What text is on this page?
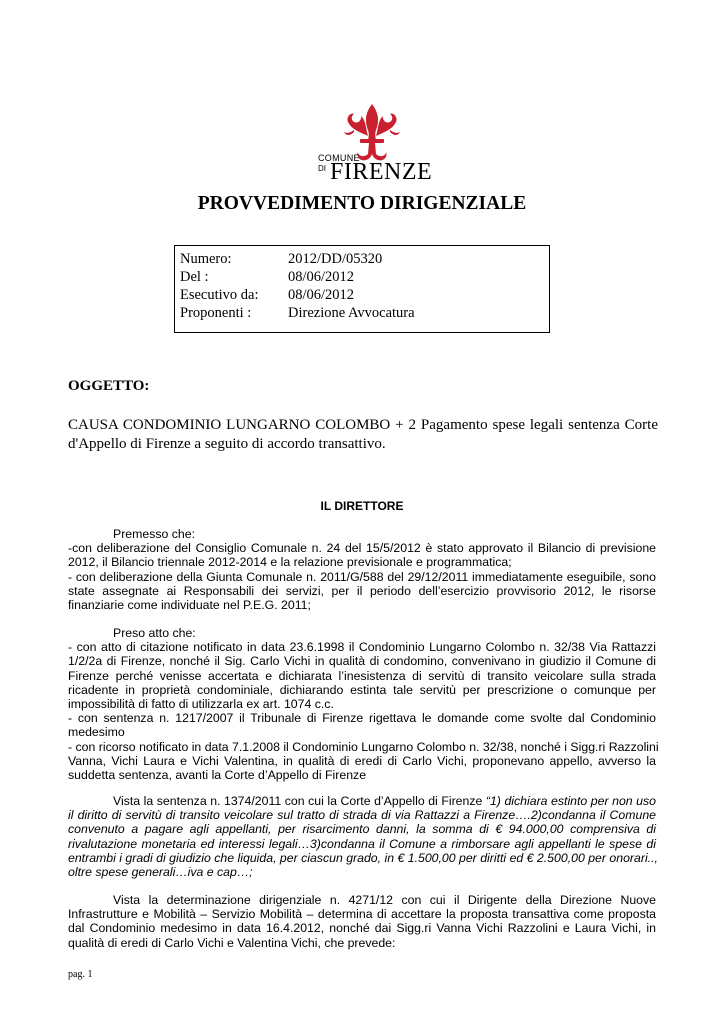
COMUNE
DI FIRENZE
PROVVEDIMENTO DIRIGENZIALE
Numero:	2012/DD/05320
Del :	08/06/2012
Esecutivo da: 08/06/2012
Proponenti :	Direzione Avvocatura
OGGETTO:
CAUSA CONDOMINIO LUNGARNO COLOMBO + 2 Pagamento spese legali sentenza Corte
d'Appello di Firenze a seguito di accordo transattivo.
IL DIRETTORE
Premesso che:
-con deliberazione del Consiglio Comunale n. 24 del 15/5/2012 è stato approvato il Bilancio di previsione
2012, il Bilancio triennale 2012-2014 e la relazione previsionale e programmatica;
- con deliberazione della Giunta Comunale n. 2011/G/588 del 29/12/2011 immediatamente eseguibile, sono
state assegnate ai Responsabili dei servizi, per il periodo dell’esercizio provvisorio 2012, le risorse
finanziarie come individuate nel P.E.G. 2011;
Preso atto che:
- con atto di citazione notificato in data 23.6.1998 il Condominio Lungarno Colombo n. 32/38 Via Rattazzi
1/2/2a di Firenze, nonché il Sig. Carlo Vichi in qualità di condomino, convenivano in giudizio il Comune di
Firenze perché venisse accertata e dichiarata l’inesistenza di servitù di transito veicolare sulla strada
ricadente in proprietà condominiale, dichiarando estinta tale servitù per prescrizione o comunque per
impossibilità di fatto di utilizzarla ex art. 1074 c.c.
- con sentenza n. 1217/2007 il Tribunale di Firenze rigettava le domande come svolte dal Condominio
medesimo
- con ricorso notificato in data 7.1.2008 il Condominio Lungarno Colombo n. 32/38, nonché i Sigg.ri Razzolini
Vanna, Vichi Laura e Vichi Valentina, in qualità di eredi di Carlo Vichi, proponevano appello, avverso la
suddetta sentenza, avanti la Corte d’Appello di Firenze
Vista la sentenza n. 1374/2011 con cui la Corte d’Appello di Firenze “1) dichiara estinto per non uso
il diritto di servitù di transito veicolare sul tratto di strada di via Rattazzi a Firenze….2)condanna il Comune
convenuto a pagare agli appellanti, per risarcimento danni, la somma di € 94.000,00 comprensiva di
rivalutazione monetaria ed interessi legali…3)condanna il Comune a rimborsare agli appellanti le spese di
entrambi i gradi di giudizio che liquida, per ciascun grado, in € 1.500,00 per diritti ed € 2.500,00 per onorari..,
oltre spese generali…iva e cap…;
Vista la determinazione dirigenziale n. 4271/12 con cui il Dirigente della Direzione Nuove
Infrastrutture e Mobilità – Servizio Mobilità – determina di accettare la proposta transattiva come proposta
dal Condominio medesimo in data 16.4.2012, nonché dai Sigg.ri Vanna Vichi Razzolini e Laura Vichi, in
qualità di eredi di Carlo Vichi e Valentina Vichi, che prevede:
pag. 1
